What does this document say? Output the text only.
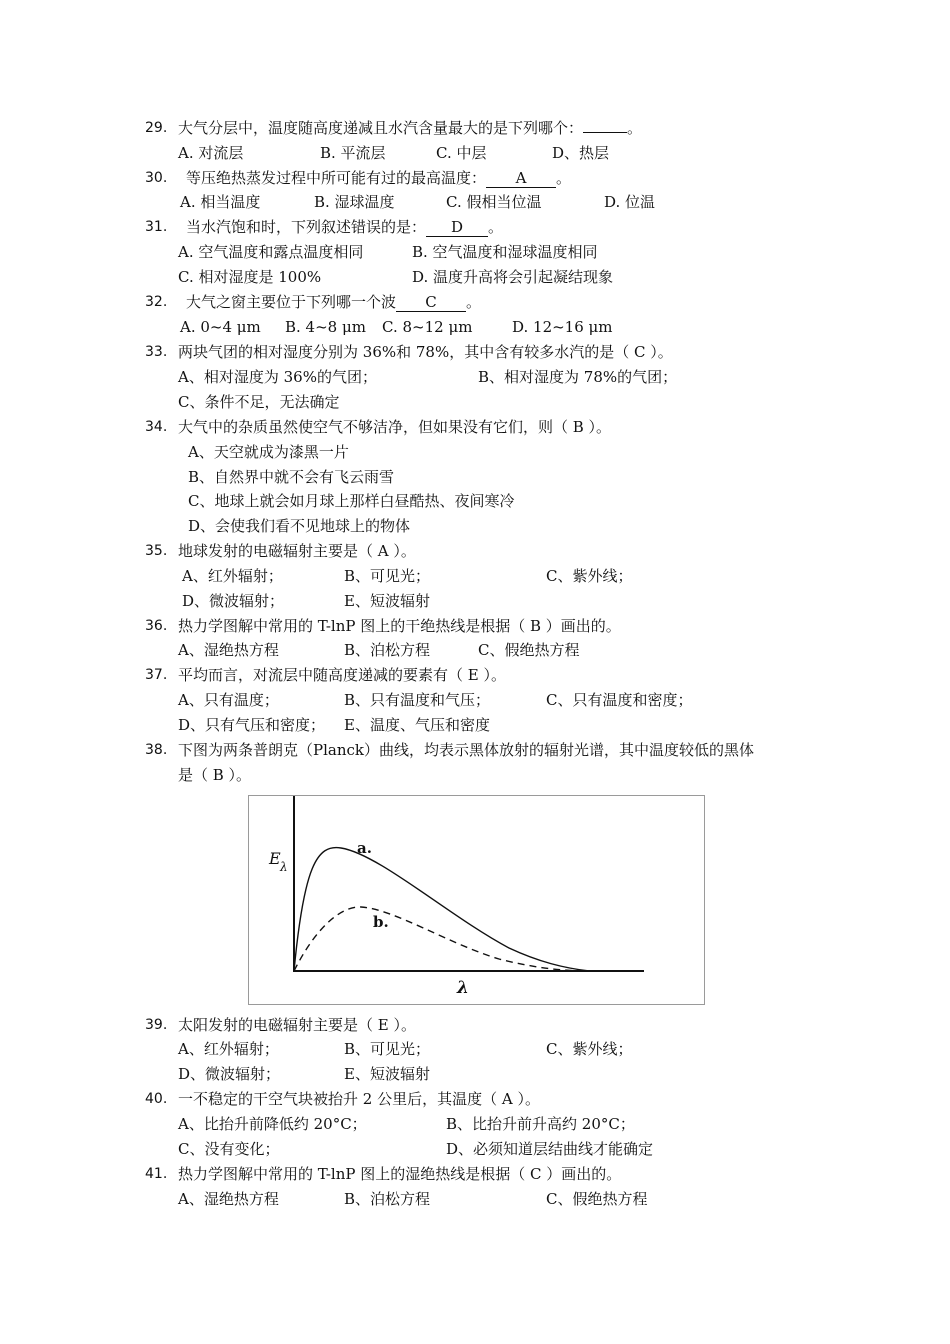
29. 大气分层中，温度随高度递减且水汽含量最大的是下列哪个：	。
A. 对流层	B. 平流层	C. 中层	D、热层
30.	等压绝热蒸发过程中所可能有过的最高温度： A 。
A. 相当温度	B. 湿球温度	C. 假相当位温	D. 位温
31.	当水汽饱和时，下列叙述错误的是： D 。
A. 空气温度和露点温度相同	B. 空气温度和湿球温度相同
C. 相对湿度是 100%	D. 温度升高将会引起凝结现象
32.	大气之窗主要位于下列哪一个波 C 。
A. 0~4 μm B. 4~8 μm C. 8~12 μm	D. 12~16 μm
33. 两块气团的相对湿度分别为 36%和 78%，其中含有较多水汽的是（ C ）。
A、相对湿度为 36%的气团；	B、相对湿度为 78%的气团；
C、条件不足，无法确定
34. 大气中的杂质虽然使空气不够洁净，但如果没有它们，则（ B ）。
A、天空就成为漆黑一片
B、自然界中就不会有飞云雨雪
C、地球上就会如月球上那样白昼酷热、夜间寒冷
D、会使我们看不见地球上的物体
35. 地球发射的电磁辐射主要是（ A ）。
A、红外辐射；	B、可见光；	C、紫外线；
D、微波辐射；	E、短波辐射
36. 热力学图解中常用的 T-lnP 图上的干绝热线是根据（ B ）画出的。
A、湿绝热方程	B、泊松方程	C、假绝热方程
37. 平均而言，对流层中随高度递减的要素有（ E ）。
A、只有温度；	B、只有温度和气压；	C、只有温度和密度；
D、只有气压和密度； E、温度、气压和密度
38. 下图为两条普朗克（Planck）曲线，均表示黑体放射的辐射光谱，其中温度较低的黑体
是（ B ）。
E λ
a.
b.
λ
39. 太阳发射的电磁辐射主要是（ E ）。
A、红外辐射；	B、可见光；	C、紫外线；
D、微波辐射；	E、短波辐射
40. 一不稳定的干空气块被抬升 2 公里后，其温度（ A ）。
A、比抬升前降低约 20°C；	B、比抬升前升高约 20°C；
C、没有变化；	D、必须知道层结曲线才能确定
41. 热力学图解中常用的 T-lnP 图上的湿绝热线是根据（ C ）画出的。
A、湿绝热方程	B、泊松方程	C、假绝热方程
